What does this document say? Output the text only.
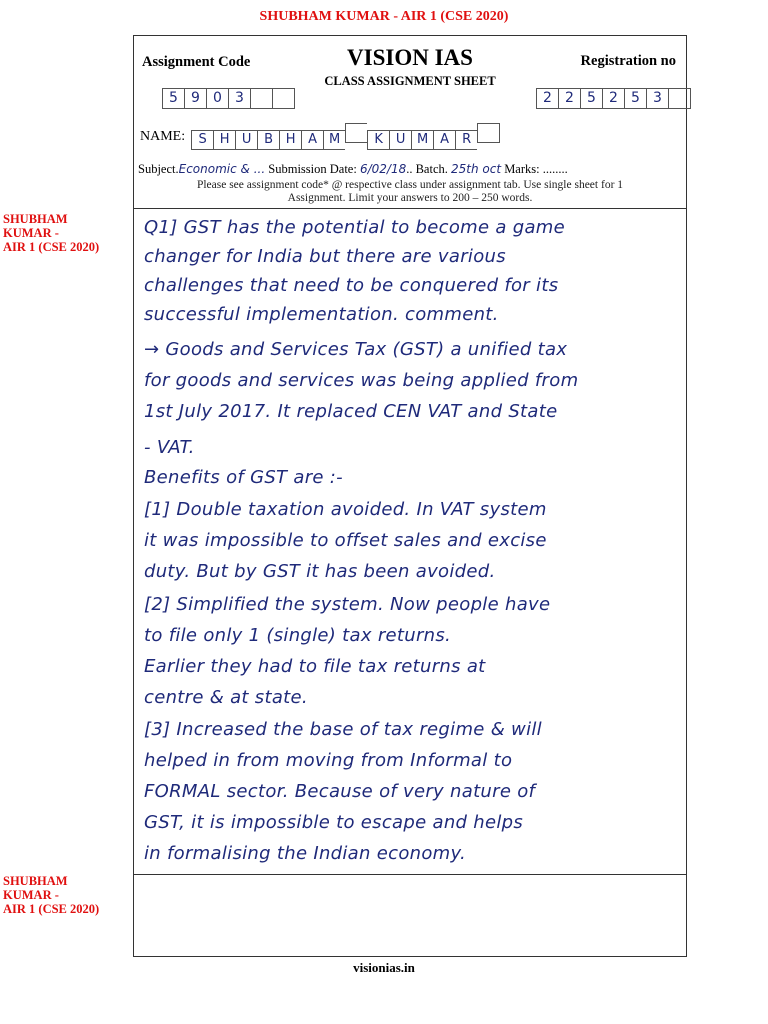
SHUBHAM KUMAR - AIR 1 (CSE 2020)
SHUBHAM
KUMAR -
AIR 1 (CSE 2020)
SHUBHAM
KUMAR -
AIR 1 (CSE 2020)
Assignment Code	VISION IAS
CLASS ASSIGNMENT SHEET
Registration no
5 9 0 3	2 2 5 2 5 3
NAME:	S H U B H A M	K U M A R
Subject.Economic & ... Submission Date: 6/02/18.. Batch. 25th oct Marks: ........
Please see assignment code* @ respective class under assignment tab. Use single sheet for 1
Assignment. Limit your answers to 200 – 250 words.
Q1] GST has the potential to become a game
changer for India but there are various
challenges that need to be conquered for its
successful implementation. comment.
→ Goods and Services Tax (GST) a unified tax
for goods and services was being applied from
1st July 2017. It replaced CEN VAT and State
- VAT.
Benefits of GST are :-
[1] Double taxation avoided. In VAT system
it was impossible to offset sales and excise
duty. But by GST it has been avoided.
[2] Simplified the system. Now people have
to file only 1 (single) tax returns.
Earlier they had to file tax returns at
centre & at state.
[3] Increased the base of tax regime & will
helped in from moving from Informal to
FORMAL sector. Because of very nature of
GST, it is impossible to escape and helps
in formalising the Indian economy.
visionias.in
